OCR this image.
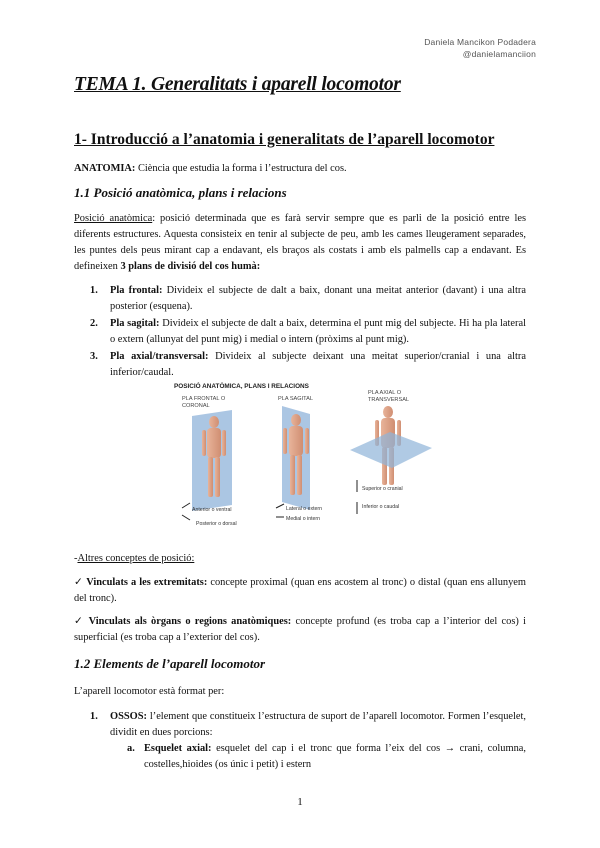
Daniela Mancikon Podadera
@danielamanciion
TEMA 1. Generalitats i aparell locomotor
1- Introducció a l’anatomia i generalitats de l’aparell locomotor
ANATOMIA: Ciència que estudia la forma i l’estructura del cos.
1.1 Posició anatòmica, plans i relacions
Posició anatòmica: posició determinada que es farà servir sempre que es parli de la posició entre les diferents estructures. Aquesta consisteix en tenir al subjecte de peu, amb les cames lleugerament separades, les puntes dels peus mirant cap a endavant, els braços als costats i amb els palmells cap a endavant. Es defineixen 3 plans de divisió del cos humà:
1.	Pla frontal: Divideix el subjecte de dalt a baix, donant una meitat anterior (davant) i una altra posterior (esquena).
2.	Pla sagital: Divideix el subjecte de dalt a baix, determina el punt mig del subjecte. Hi ha pla lateral o extern (allunyat del punt mig) i medial o intern (pròxims al punt mig).
3.	Pla axial/transversal: Divideix al subjecte deixant una meitat superior/cranial i una altra inferior/caudal.
POSICIÓ ANATÒMICA, PLANS I RELACIONS
PLA FRONTAL O
CORONAL
Anterior o ventral
Posterior o dorsal
PLA SAGITAL
Lateral o extern
Medial o intern
PLA AXIAL O
TRANSVERSAL
Superior o cranial
Inferior o caudal
-Altres conceptes de posició:
✓ Vinculats a les extremitats: concepte proximal (quan ens acostem al tronc) o distal (quan ens allunyem del tronc).
✓ Vinculats als òrgans o regions anatòmiques: concepte profund (es troba cap a l’interior del cos) i superficial (es troba cap a l’exterior del cos).
1.2 Elements de l’aparell locomotor
L’aparell locomotor està format per:
1.	OSSOS: l’element que constitueix l’estructura de suport de l’aparell locomotor. Formen l’esquelet, dividit en dues porcions:
a. Esquelet axial: esquelet del cap i el tronc que forma l’eix del cos → crani, columna, costelles,hioides (os únic i petit) i estern
1
